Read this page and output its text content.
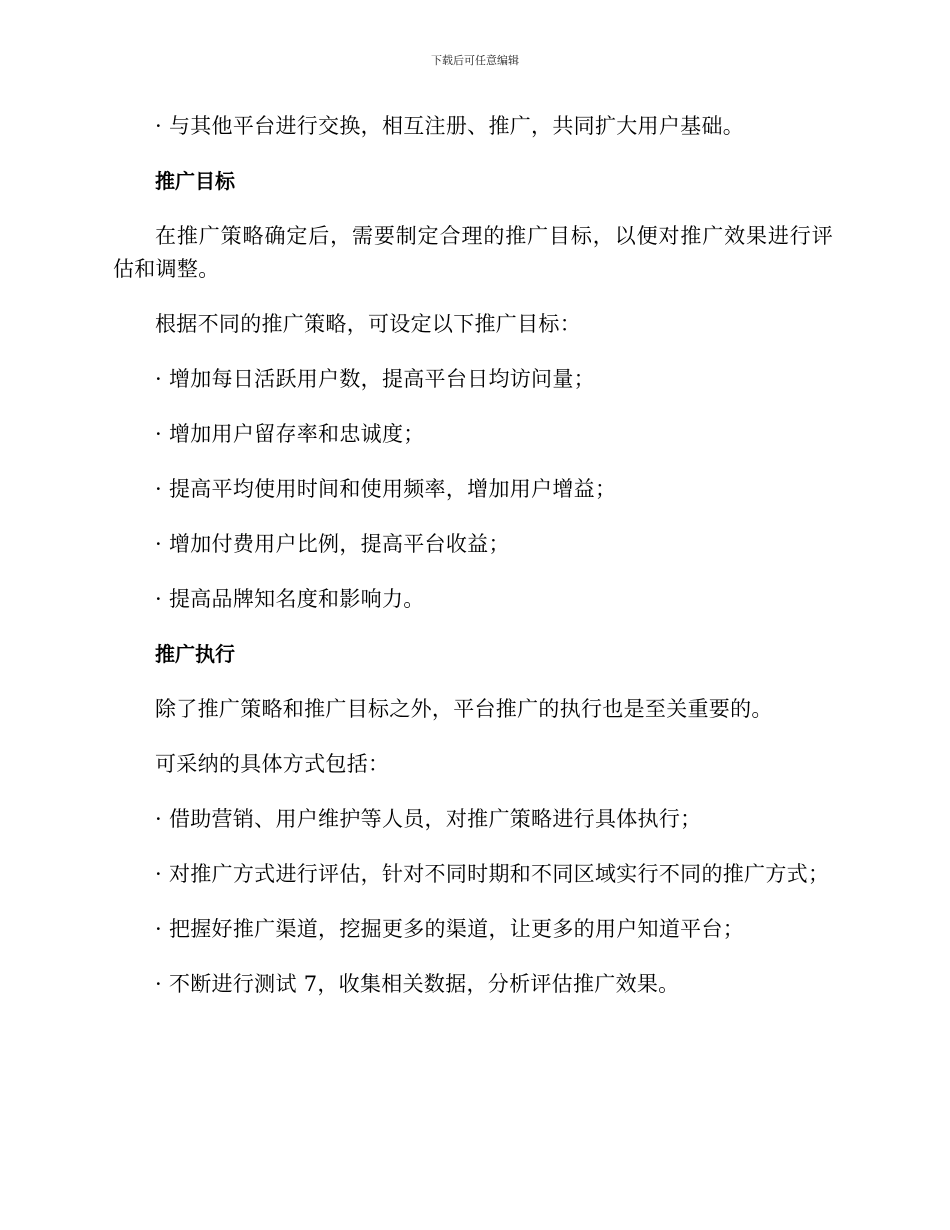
下载后可任意编辑

· 与其他平台进行交换，相互注册、推广，共同扩大用户基础。

推广目标

在推广策略确定后，需要制定合理的推广目标，以便对推广效果进行评估和调整。

根据不同的推广策略，可设定以下推广目标：

· 增加每日活跃用户数，提高平台日均访问量；

· 增加用户留存率和忠诚度；

· 提高平均使用时间和使用频率，增加用户增益；

· 增加付费用户比例，提高平台收益；

· 提高品牌知名度和影响力。

推广执行

除了推广策略和推广目标之外，平台推广的执行也是至关重要的。

可采纳的具体方式包括：

· 借助营销、用户维护等人员，对推广策略进行具体执行；

· 对推广方式进行评估，针对不同时期和不同区域实行不同的推广方式；

· 把握好推广渠道，挖掘更多的渠道，让更多的用户知道平台；

· 不断进行测试 7，收集相关数据，分析评估推广效果。
